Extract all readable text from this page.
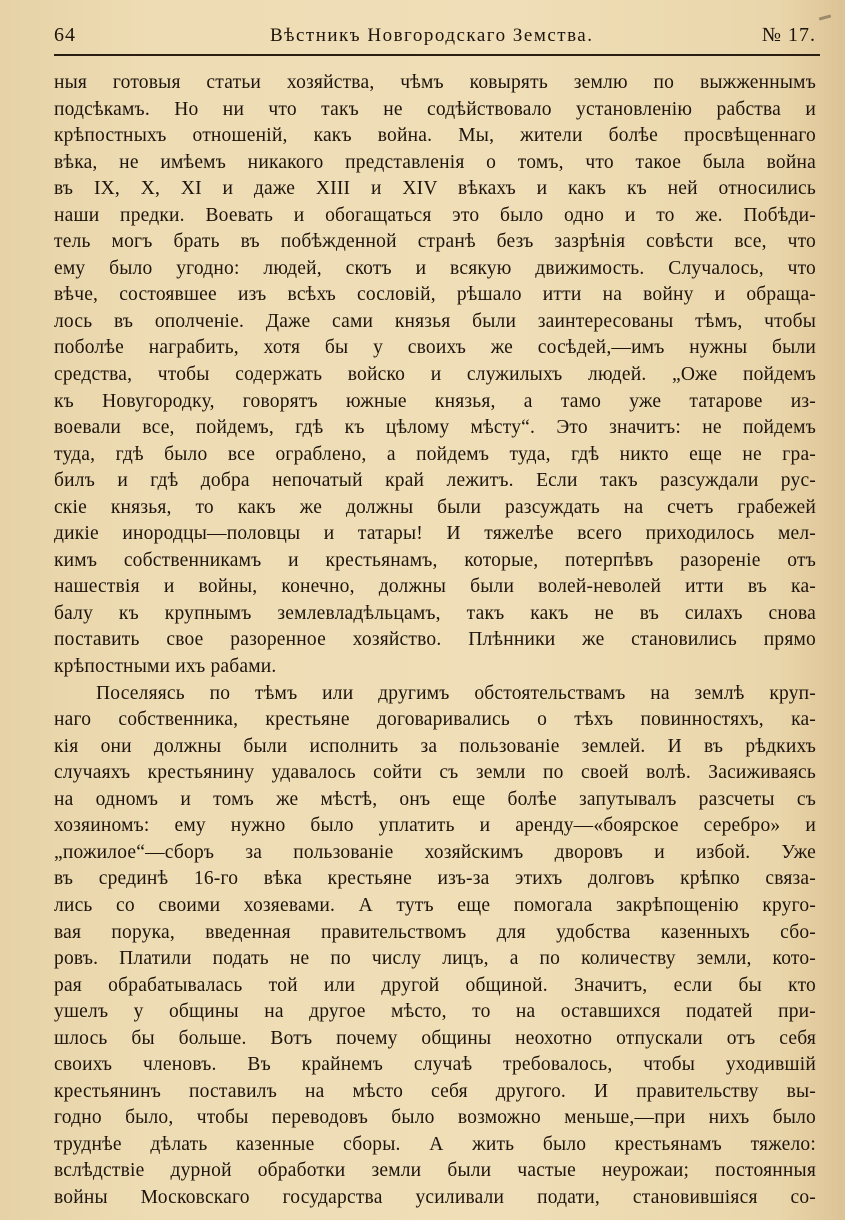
64	Вѣстникъ Новгородскаго Земства.	№ 17.
ныя готовыя статьи хозяйства, чѣмъ ковырять землю по выжженнымъ
подсѣкамъ. Но ни что такъ не содѣйствовало установленію рабства и
крѣпостныхъ отношеній, какъ война. Мы, жители болѣе просвѣщеннаго
вѣка, не имѣемъ никакого представленія о томъ, что такое была война
въ IX, X, XI и даже XIII и XIV вѣкахъ и какъ къ ней относились
наши предки. Воевать и обогащаться это было одно и то же. Побѣди-
тель могъ брать въ побѣжденной странѣ безъ зазрѣнія совѣсти все, что
ему было угодно: людей, скотъ и всякую движимость. Случалось, что
вѣче, состоявшее изъ всѣхъ сословій, рѣшало итти на войну и обраща-
лось въ ополченіе. Даже сами князья были заинтересованы тѣмъ, чтобы
поболѣе награбить, хотя бы у своихъ же сосѣдей,—имъ нужны были
средства, чтобы содержать войско и служилыхъ людей. „Оже пойдемъ
къ Новугородку, говорятъ южные князья, а тамо уже татарове из-
воевали все, пойдемъ, гдѣ къ цѣлому мѣсту“. Это значитъ: не пойдемъ
туда, гдѣ было все ограблено, а пойдемъ туда, гдѣ никто еще не гра-
билъ и гдѣ добра непочатый край лежитъ. Если такъ разсуждали рус-
скіе князья, то какъ же должны были разсуждать на счетъ грабежей
дикіе инородцы—половцы и татары! И тяжелѣе всего приходилось мел-
кимъ собственникамъ и крестьянамъ, которые, потерпѣвъ разореніе отъ
нашествія и войны, конечно, должны были волей-неволей итти въ ка-
балу къ крупнымъ землевладѣльцамъ, такъ какъ не въ силахъ снова
поставить свое разоренное хозяйство. Плѣнники же становились прямо
крѣпостными ихъ рабами.
Поселяясь по тѣмъ или другимъ обстоятельствамъ на землѣ круп-
наго собственника, крестьяне договаривались о тѣхъ повинностяхъ, ка-
кія они должны были исполнить за пользованіе землей. И въ рѣдкихъ
случаяхъ крестьянину удавалось сойти съ земли по своей волѣ. Засиживаясь
на одномъ и томъ же мѣстѣ, онъ еще болѣе запутывалъ разсчеты съ
хозяиномъ: ему нужно было уплатить и аренду—«боярское серебро» и
„пожилое“—сборъ за пользованіе хозяйскимъ дворовъ и избой. Уже
въ срединѣ 16-го вѣка крестьяне изъ-за этихъ долговъ крѣпко связа-
лись со своими хозяевами. А тутъ еще помогала закрѣпощенію круго-
вая порука, введенная правительствомъ для удобства казенныхъ сбо-
ровъ. Платили подать не по числу лицъ, а по количеству земли, кото-
рая обрабатывалась той или другой общиной. Значитъ, если бы кто
ушелъ у общины на другое мѣсто, то на оставшихся податей при-
шлось бы больше. Вотъ почему общины неохотно отпускали отъ себя
своихъ членовъ. Въ крайнемъ случаѣ требовалось, чтобы уходившій
крестьянинъ поставилъ на мѣсто себя другого. И правительству вы-
годно было, чтобы переводовъ было возможно меньше,—при нихъ было
труднѣе дѣлать казенные сборы. А жить было крестьянамъ тяжело:
вслѣдствіе дурной обработки земли были частые неурожаи; постоянныя
войны Московскаго государства усиливали подати, становившіяся со-
